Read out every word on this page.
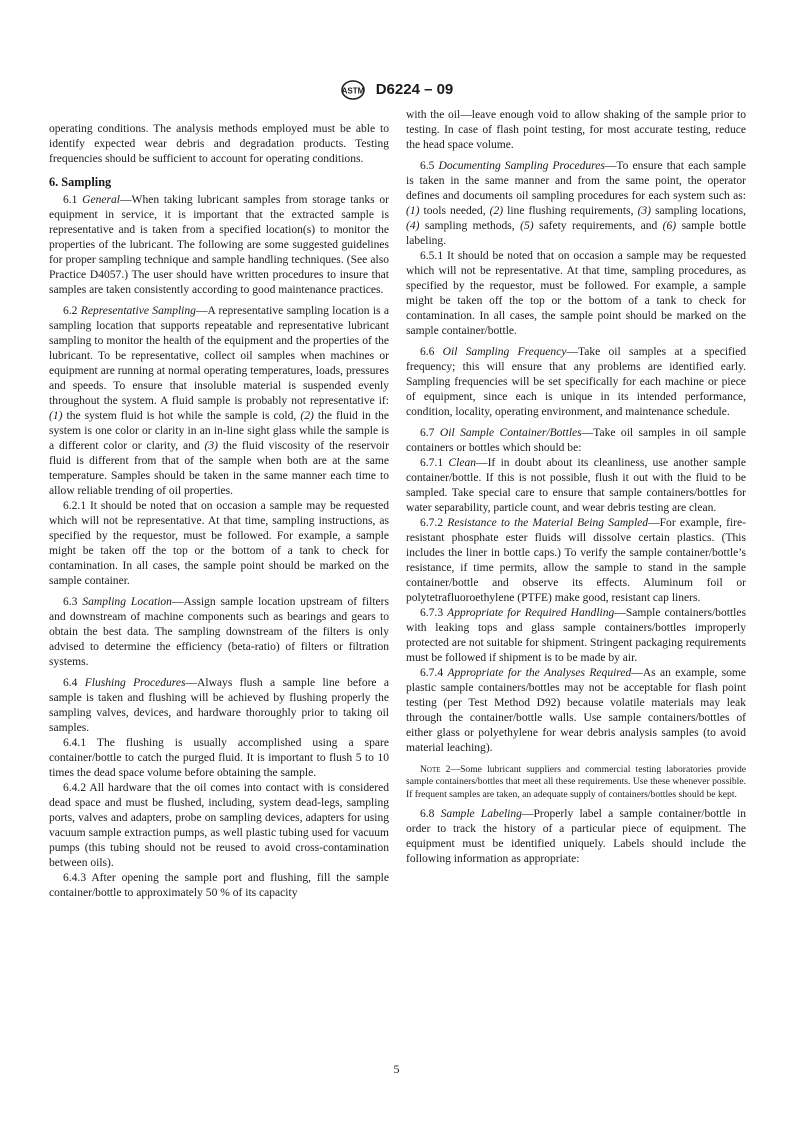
ASTM D6224 – 09

operating conditions. The analysis methods employed must be able to identify expected wear debris and degradation products. Testing frequencies should be sufficient to account for operating conditions.

6. Sampling

6.1 General—When taking lubricant samples from storage tanks or equipment in service, it is important that the extracted sample is representative and is taken from a specified location(s) to monitor the properties of the lubricant. The following are some suggested guidelines for proper sampling technique and sample handling techniques. (See also Practice D4057.) The user should have written procedures to insure that samples are taken consistently according to good maintenance practices.

6.2 Representative Sampling—A representative sampling location is a sampling location that supports repeatable and representative lubricant sampling to monitor the health of the equipment and the properties of the lubricant. To be representative, collect oil samples when machines or equipment are running at normal operating temperatures, loads, pressures and speeds. To ensure that insoluble material is suspended evenly throughout the system. A fluid sample is probably not representative if: (1) the system fluid is hot while the sample is cold, (2) the fluid in the system is one color or clarity in an in-line sight glass while the sample is a different color or clarity, and (3) the fluid viscosity of the reservoir fluid is different from that of the sample when both are at the same temperature. Samples should be taken in the same manner each time to allow reliable trending of oil properties.

6.2.1 It should be noted that on occasion a sample may be requested which will not be representative. At that time, sampling instructions, as specified by the requestor, must be followed. For example, a sample might be taken off the top or the bottom of a tank to check for contamination. In all cases, the sample point should be marked on the sample container.

6.3 Sampling Location—Assign sample location upstream of filters and downstream of machine components such as bearings and gears to obtain the best data. The sampling downstream of the filters is only advised to determine the efficiency (beta-ratio) of filters or filtration systems.

6.4 Flushing Procedures—Always flush a sample line before a sample is taken and flushing will be achieved by flushing properly the sampling valves, devices, and hardware thoroughly prior to taking oil samples.

6.4.1 The flushing is usually accomplished using a spare container/bottle to catch the purged fluid. It is important to flush 5 to 10 times the dead space volume before obtaining the sample.

6.4.2 All hardware that the oil comes into contact with is considered dead space and must be flushed, including, system dead-legs, sampling ports, valves and adapters, probe on sampling devices, adapters for using vacuum sample extraction pumps, as well plastic tubing used for vacuum pumps (this tubing should not be reused to avoid cross-contamination between oils).

6.4.3 After opening the sample port and flushing, fill the sample container/bottle to approximately 50 % of its capacity

with the oil—leave enough void to allow shaking of the sample prior to testing. In case of flash point testing, for most accurate testing, reduce the head space volume.

6.5 Documenting Sampling Procedures—To ensure that each sample is taken in the same manner and from the same point, the operator defines and documents oil sampling procedures for each system such as: (1) tools needed, (2) line flushing requirements, (3) sampling locations, (4) sampling methods, (5) safety requirements, and (6) sample bottle labeling.

6.5.1 It should be noted that on occasion a sample may be requested which will not be representative. At that time, sampling procedures, as specified by the requestor, must be followed. For example, a sample might be taken off the top or the bottom of a tank to check for contamination. In all cases, the sample point should be marked on the sample container/bottle.

6.6 Oil Sampling Frequency—Take oil samples at a specified frequency; this will ensure that any problems are identified early. Sampling frequencies will be set specifically for each machine or piece of equipment, since each is unique in its intended performance, condition, locality, operating environment, and maintenance schedule.

6.7 Oil Sample Container/Bottles—Take oil samples in oil sample containers or bottles which should be:

6.7.1 Clean—If in doubt about its cleanliness, use another sample container/bottle. If this is not possible, flush it out with the fluid to be sampled. Take special care to ensure that sample containers/bottles for water separability, particle count, and wear debris testing are clean.

6.7.2 Resistance to the Material Being Sampled—For example, fire-resistant phosphate ester fluids will dissolve certain plastics. (This includes the liner in bottle caps.) To verify the sample container/bottle’s resistance, if time permits, allow the sample to stand in the sample container/bottle and observe its effects. Aluminum foil or polytetrafluoroethylene (PTFE) make good, resistant cap liners.

6.7.3 Appropriate for Required Handling—Sample containers/bottles with leaking tops and glass sample containers/bottles improperly protected are not suitable for shipment. Stringent packaging requirements must be followed if shipment is to be made by air.

6.7.4 Appropriate for the Analyses Required—As an example, some plastic sample containers/bottles may not be acceptable for flash point testing (per Test Method D92) because volatile materials may leak through the container/bottle walls. Use sample containers/bottles of either glass or polyethylene for wear debris analysis samples (to avoid material leaching).

Note 2—Some lubricant suppliers and commercial testing laboratories provide sample containers/bottles that meet all these requirements. Use these whenever possible. If frequent samples are taken, an adequate supply of containers/bottles should be kept.

6.8 Sample Labeling—Properly label a sample container/bottle in order to track the history of a particular piece of equipment. The equipment must be identified uniquely. Labels should include the following information as appropriate:

5
